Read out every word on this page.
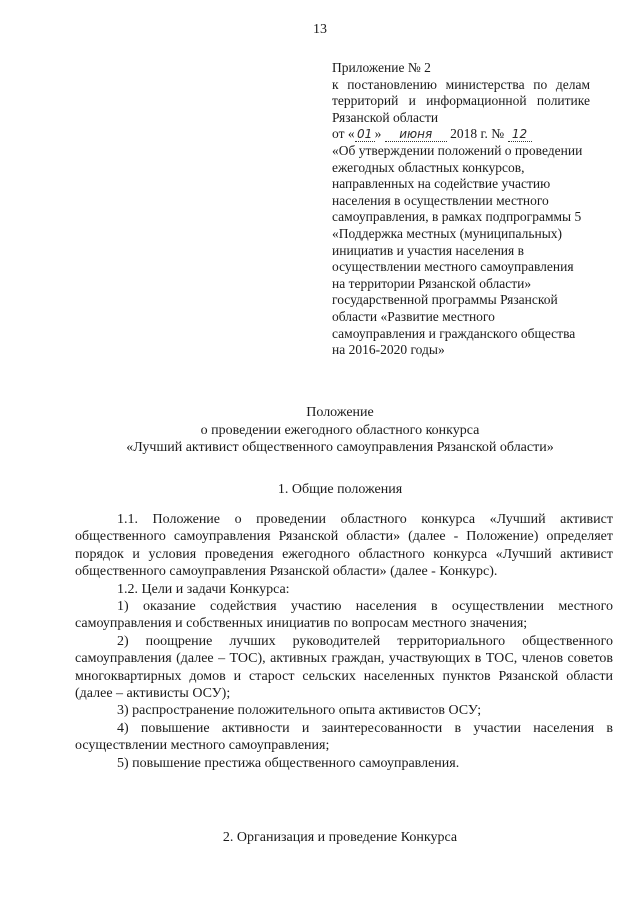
13
Приложение № 2
к постановлению министерства по делам
территорий и информационной политике
Рязанской области
от « 01 » июня 2018 г. № 12
«Об утверждении положений о проведении
ежегодных областных конкурсов,
направленных на содействие участию
населения в осуществлении местного
самоуправления, в рамках подпрограммы 5
«Поддержка местных (муниципальных)
инициатив и участия населения в
осуществлении местного самоуправления
на территории Рязанской области»
государственной программы Рязанской
области «Развитие местного
самоуправления и гражданского общества
на 2016-2020 годы»
Положение
о проведении ежегодного областного конкурса
«Лучший активист общественного самоуправления Рязанской области»
1. Общие положения

1.1. Положение о проведении областного конкурса «Лучший активист общественного самоуправления Рязанской области» (далее - Положение) определяет порядок и условия проведения ежегодного областного конкурса «Лучший активист общественного самоуправления Рязанской области» (далее - Конкурс).

1.2. Цели и задачи Конкурса:

1) оказание содействия участию населения в осуществлении местного самоуправления и собственных инициатив по вопросам местного значения;

2) поощрение лучших руководителей территориального общественного самоуправления (далее – ТОС), активных граждан, участвующих в ТОС, членов советов многоквартирных домов и старост сельских населенных пунктов Рязанской области (далее – активисты ОСУ);

3) распространение положительного опыта активистов ОСУ;

4) повышение активности и заинтересованности в участии населения в осуществлении местного самоуправления;

5) повышение престижа общественного самоуправления.

2. Организация и проведение Конкурса
